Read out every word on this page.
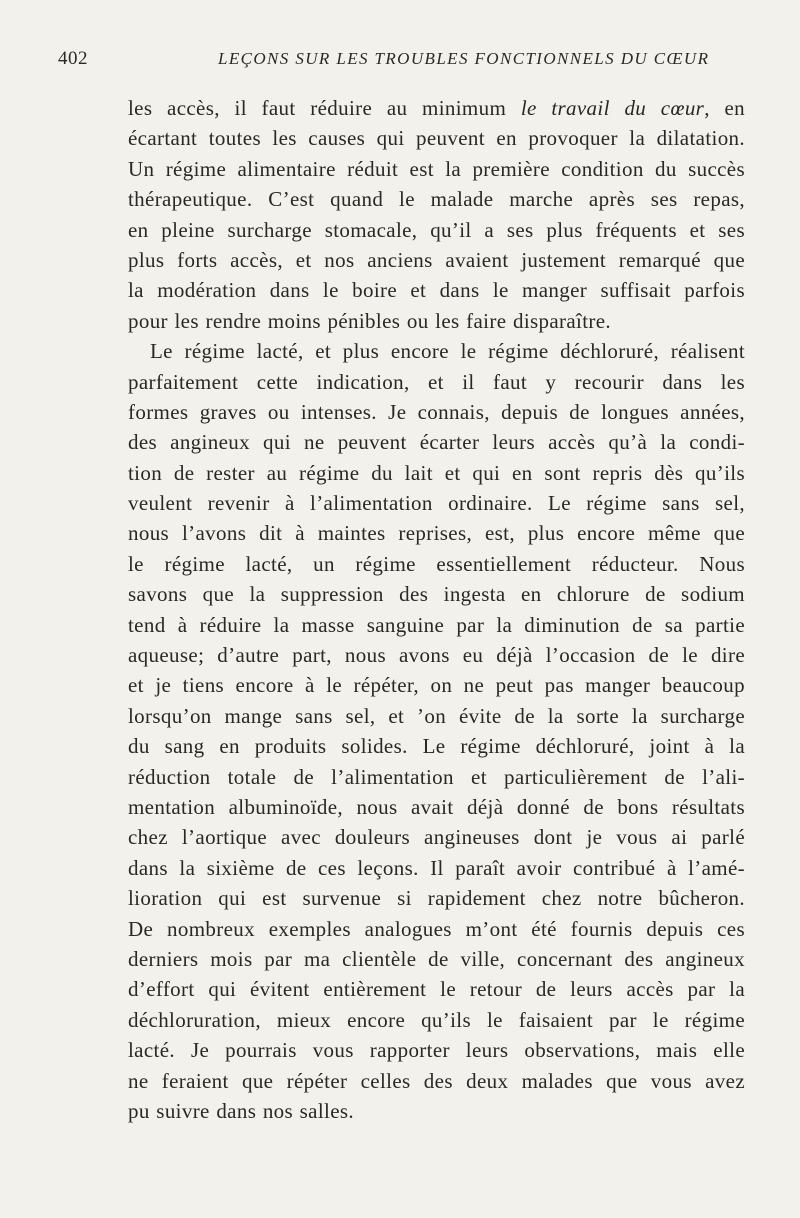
402	LEÇONS SUR LES TROUBLES FONCTIONNELS DU CŒUR
les accès, il faut réduire au minimum le travail du cœur, en
écartant toutes les causes qui peuvent en provoquer la dilatation.
Un régime alimentaire réduit est la première condition du succès
thérapeutique. C’est quand le malade marche après ses repas,
en pleine surcharge stomacale, qu’il a ses plus fréquents et ses
plus forts accès, et nos anciens avaient justement remarqué que
la modération dans le boire et dans le manger suffisait parfois
pour les rendre moins pénibles ou les faire disparaître.
Le régime lacté, et plus encore le régime déchloruré, réalisent
parfaitement cette indication, et il faut y recourir dans les
formes graves ou intenses. Je connais, depuis de longues années,
des angineux qui ne peuvent écarter leurs accès qu’à la condi-
tion de rester au régime du lait et qui en sont repris dès qu’ils
veulent revenir à l’alimentation ordinaire. Le régime sans sel,
nous l’avons dit à maintes reprises, est, plus encore même que
le régime lacté, un régime essentiellement réducteur. Nous
savons que la suppression des ingesta en chlorure de sodium
tend à réduire la masse sanguine par la diminution de sa partie
aqueuse; d’autre part, nous avons eu déjà l’occasion de le dire
et je tiens encore à le répéter, on ne peut pas manger beaucoup
lorsqu’on mange sans sel, et ’on évite de la sorte la surcharge
du sang en produits solides. Le régime déchloruré, joint à la
réduction totale de l’alimentation et particulièrement de l’ali-
mentation albuminoïde, nous avait déjà donné de bons résultats
chez l’aortique avec douleurs angineuses dont je vous ai parlé
dans la sixième de ces leçons. Il paraît avoir contribué à l’amé-
lioration qui est survenue si rapidement chez notre bûcheron.
De nombreux exemples analogues m’ont été fournis depuis ces
derniers mois par ma clientèle de ville, concernant des angineux
d’effort qui évitent entièrement le retour de leurs accès par la
déchloruration, mieux encore qu’ils le faisaient par le régime
lacté. Je pourrais vous rapporter leurs observations, mais elle
ne feraient que répéter celles des deux malades que vous avez
pu suivre dans nos salles.
